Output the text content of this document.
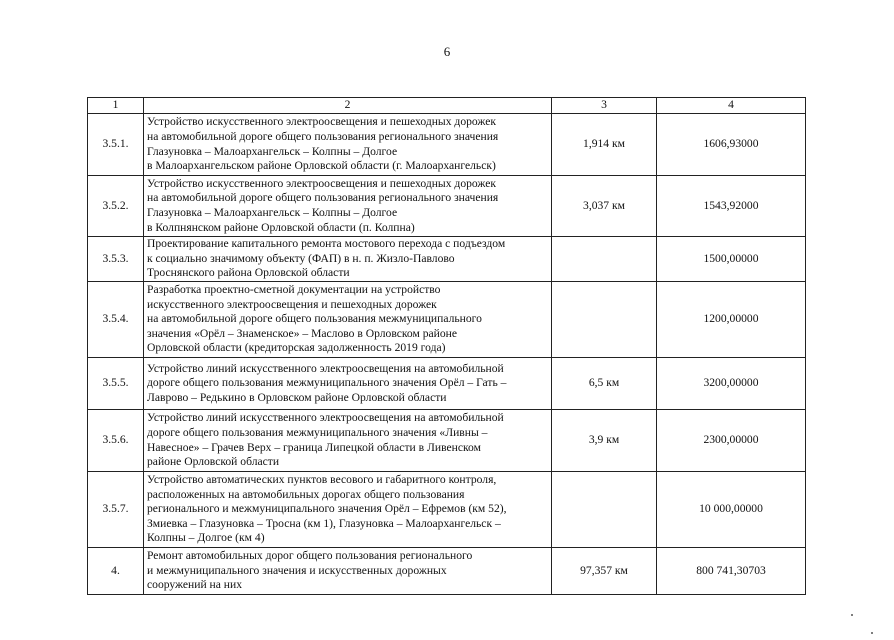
6
1	2	3	4
3.5.1.	Устройство искусственного электроосвещения и пешеходных дорожек
на автомобильной дороге общего пользования регионального значения
Глазуновка – Малоархангельск – Колпны – Долгое
в Малоархангельском районе Орловской области (г. Малоархангельск)	1,914 км	1606,93000
3.5.2.	Устройство искусственного электроосвещения и пешеходных дорожек
на автомобильной дороге общего пользования регионального значения
Глазуновка – Малоархангельск – Колпны – Долгое
в Колпнянском районе Орловской области (п. Колпна)	3,037 км	1543,92000
3.5.3.	Проектирование капитального ремонта мостового перехода с подъездом
к социально значимому объекту (ФАП) в н. п. Жизло-Павлово
Троснянского района Орловской области		1500,00000
3.5.4.	Разработка проектно-сметной документации на устройство
искусственного электроосвещения и пешеходных дорожек
на автомобильной дороге общего пользования межмуниципального
значения «Орёл – Знаменское» – Маслово в Орловском районе
Орловской области (кредиторская задолженность 2019 года)		1200,00000
3.5.5.	Устройство линий искусственного электроосвещения на автомобильной
дороге общего пользования межмуниципального значения Орёл – Гать –
Лаврово – Редькино в Орловском районе Орловской области	6,5 км	3200,00000
3.5.6.	Устройство линий искусственного электроосвещения на автомобильной
дороге общего пользования межмуниципального значения «Ливны –
Навесное» – Грачев Верх – граница Липецкой области в Ливенском
районе Орловской области	3,9 км	2300,00000
3.5.7.	Устройство автоматических пунктов весового и габаритного контроля,
расположенных на автомобильных дорогах общего пользования
регионального и межмуниципального значения Орёл – Ефремов (км 52),
Змиевка – Глазуновка – Тросна (км 1), Глазуновка – Малоархангельск –
Колпны – Долгое (км 4)		10 000,00000
4.	Ремонт автомобильных дорог общего пользования регионального
и межмуниципального значения и искусственных дорожных
сооружений на них	97,357 км	800 741,30703
